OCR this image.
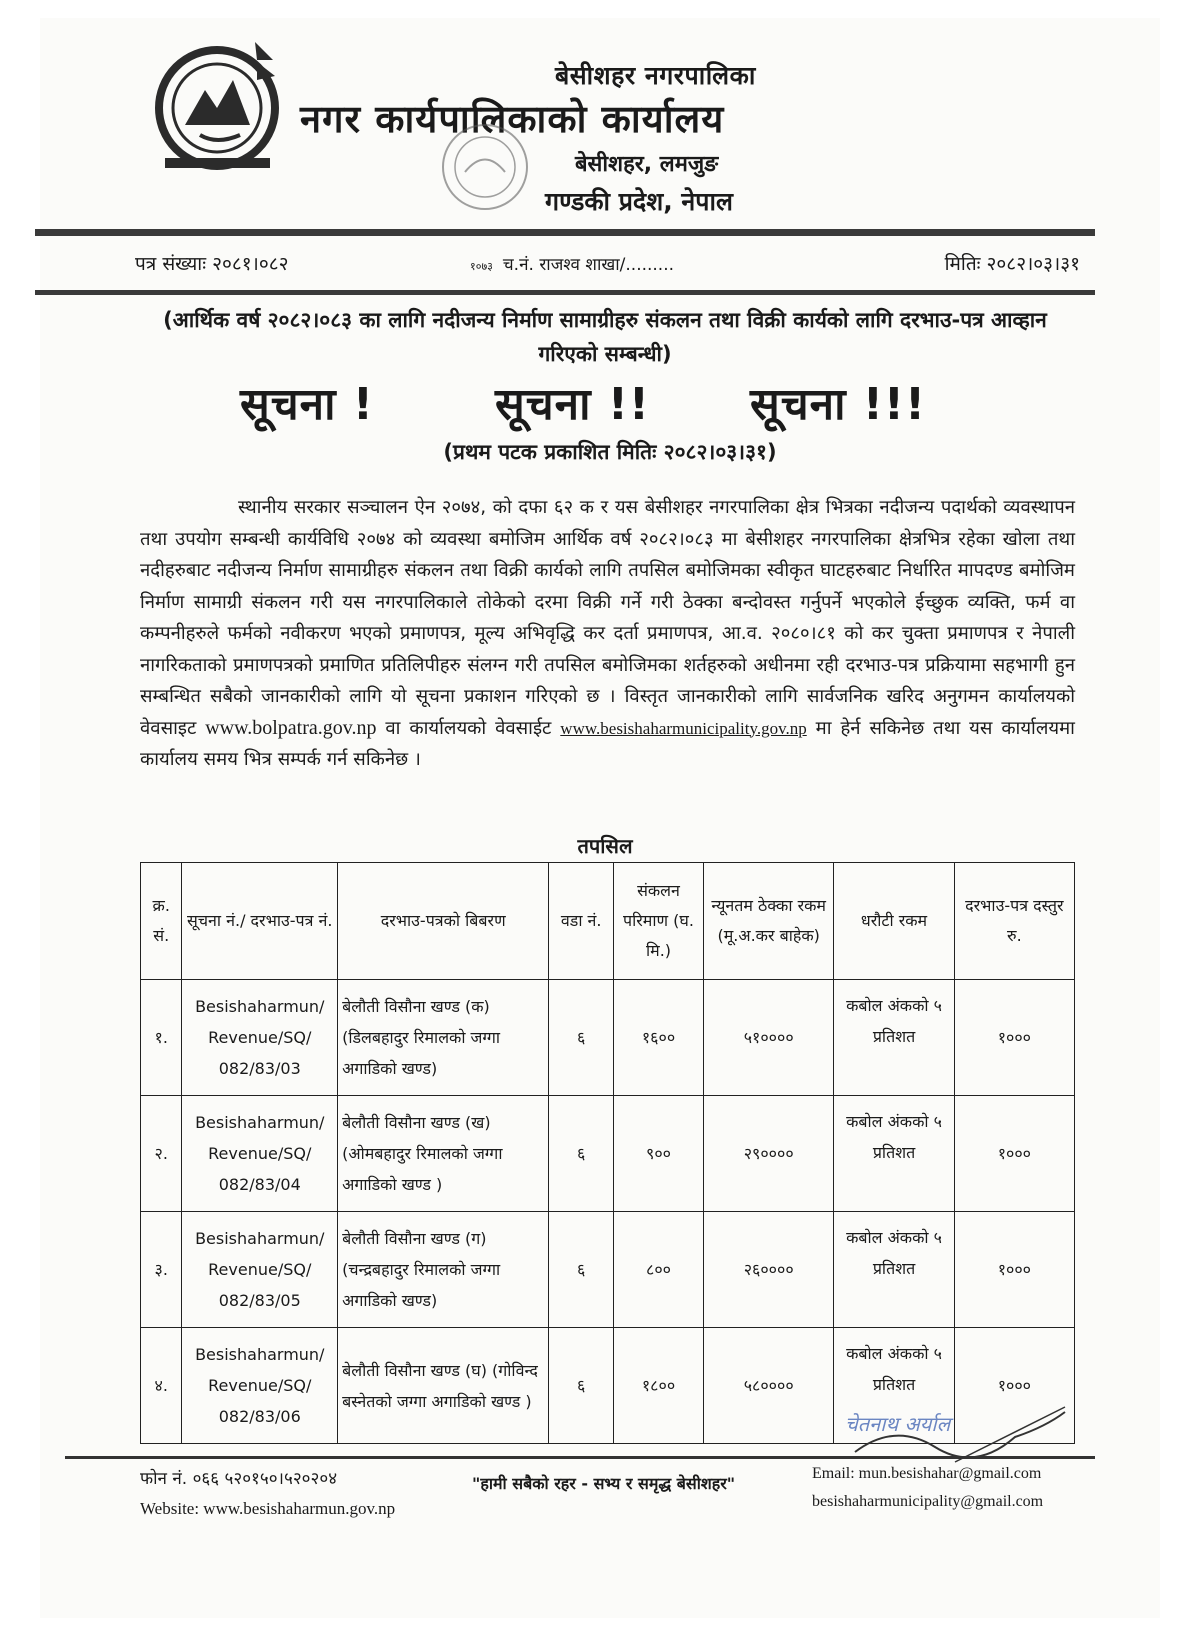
बेसीशहर नगरपालिका
नगर कार्यपालिकाको कार्यालय
बेसीशहर, लमजुङ
गण्डकी प्रदेश, नेपाल
पत्र संख्याः २०८१।०८२	१०७३ च.नं. राजश्व शाखा/.........	मितिः २०८२।०३।३१
(आर्थिक वर्ष २०८२।०८३ का लागि नदीजन्य निर्माण सामाग्रीहरु संकलन तथा विक्री कार्यको लागि दरभाउ-पत्र आव्हान गरिएको सम्बन्धी)
सूचना !	सूचना !! सूचना !!!
(प्रथम पटक प्रकाशित मितिः २०८२।०३।३१)
स्थानीय सरकार सञ्चालन ऐन २०७४, को दफा ६२ क र यस बेसीशहर नगरपालिका क्षेत्र भित्रका नदीजन्य पदार्थको व्यवस्थापन तथा उपयोग सम्बन्धी कार्यविधि २०७४ को व्यवस्था बमोजिम आर्थिक वर्ष २०८२।०८३ मा बेसीशहर नगरपालिका क्षेत्रभित्र रहेका खोला तथा नदीहरुबाट नदीजन्य निर्माण सामाग्रीहरु संकलन तथा विक्री कार्यको लागि तपसिल बमोजिमका स्वीकृत घाटहरुबाट निर्धारित मापदण्ड बमोजिम निर्माण सामाग्री संकलन गरी यस नगरपालिकाले तोकेको दरमा विक्री गर्ने गरी ठेक्का बन्दोवस्त गर्नुपर्ने भएकोले ईच्छुक व्यक्ति, फर्म वा कम्पनीहरुले फर्मको नवीकरण भएको प्रमाणपत्र, मूल्य अभिवृद्धि कर दर्ता प्रमाणपत्र, आ.व. २०८०।८१ को कर चुक्ता प्रमाणपत्र र नेपाली नागरिकताको प्रमाणपत्रको प्रमाणित प्रतिलिपीहरु संलग्न गरी तपसिल बमोजिमका शर्तहरुको अधीनमा रही दरभाउ-पत्र प्रक्रियामा सहभागी हुन सम्बन्धित सबैको जानकारीको लागि यो सूचना प्रकाशन गरिएको छ । विस्तृत जानकारीको लागि सार्वजनिक खरिद अनुगमन कार्यालयको वेवसाइट www.bolpatra.gov.np वा कार्यालयको वेवसाईट www.besishaharmunicipality.gov.np मा हेर्न सकिनेछ तथा यस कार्यालयमा कार्यालय समय भित्र सम्पर्क गर्न सकिनेछ ।
तपसिल
क्र. सं.	सूचना नं./ दरभाउ-पत्र नं.	दरभाउ-पत्रको बिबरण	वडा नं.	संकलन परिमाण (घ. मि.)	न्यूनतम ठेक्का रकम (मू.अ.कर बाहेक)	धरौटी रकम	दरभाउ-पत्र दस्तुर रु.
१.	Besishaharmun/ Revenue/SQ/ 082/83/03	बेलौती विसौना खण्ड (क) (डिलबहादुर रिमालको जग्गा अगाडिको खण्ड)	६	१६००	५१००००	कबोल अंकको ५ प्रतिशत	१०००
२.	Besishaharmun/ Revenue/SQ/ 082/83/04	बेलौती विसौना खण्ड (ख) (ओमबहादुर रिमालको जग्गा अगाडिको खण्ड )	६	९००	२९००००	कबोल अंकको ५ प्रतिशत	१०००
३.	Besishaharmun/ Revenue/SQ/ 082/83/05	बेलौती विसौना खण्ड (ग) (चन्द्रबहादुर रिमालको जग्गा अगाडिको खण्ड)	६	८००	२६००००	कबोल अंकको ५ प्रतिशत	१०००
४.	Besishaharmun/ Revenue/SQ/ 082/83/06	बेलौती विसौना खण्ड (घ) (गोविन्द बस्नेतको जग्गा अगाडिको खण्ड )	६	१८००	५८००००	कबोल अंकको ५ प्रतिशत	१०००
चेतनाथ अर्याल
फोन नं. ०६६ ५२०१५०।५२०२०४
Website: www.besishaharmun.gov.np
"हामी सबैको रहर - सभ्य र समृद्ध बेसीशहर"
Email: mun.besishahar@gmail.com
besishaharmunicipality@gmail.com
